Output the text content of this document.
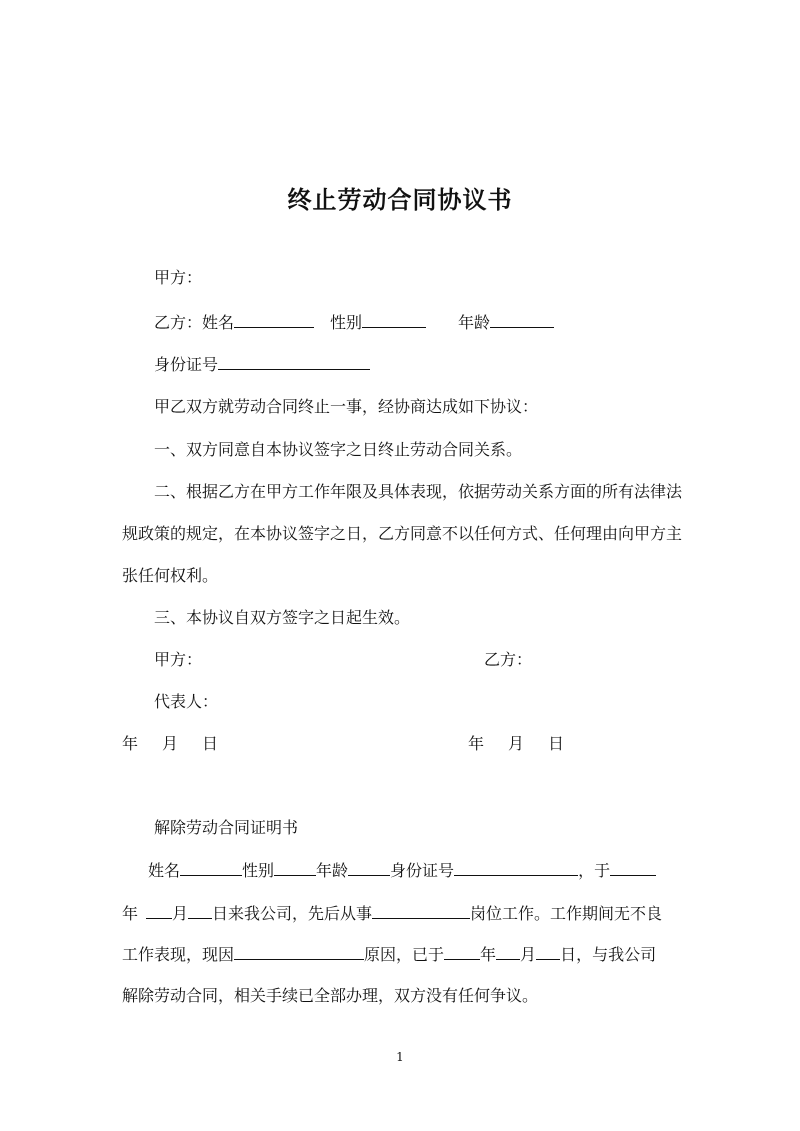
终止劳动合同协议书
甲方：
乙方：姓名	性别	年龄
身份证号
甲乙双方就劳动合同终止一事，经协商达成如下协议：
一、双方同意自本协议签字之日终止劳动合同关系。
二、根据乙方在甲方工作年限及具体表现，依据劳动关系方面的所有法律法
规政策的规定，在本协议签字之日，乙方同意不以任何方式、任何理由向甲方主
张任何权利。
三、本协议自双方签字之日起生效。
甲方：	乙方：
代表人：
年 月 日	年 月 日
解除劳动合同证明书
姓名	性别	年龄	身份证号	，于
年 月 日来我公司，先后从事	岗位工作。工作期间无不良
工作表现，现因	原因，已于 年 月 日，与我公司
解除劳动合同，相关手续已全部办理，双方没有任何争议。
1
